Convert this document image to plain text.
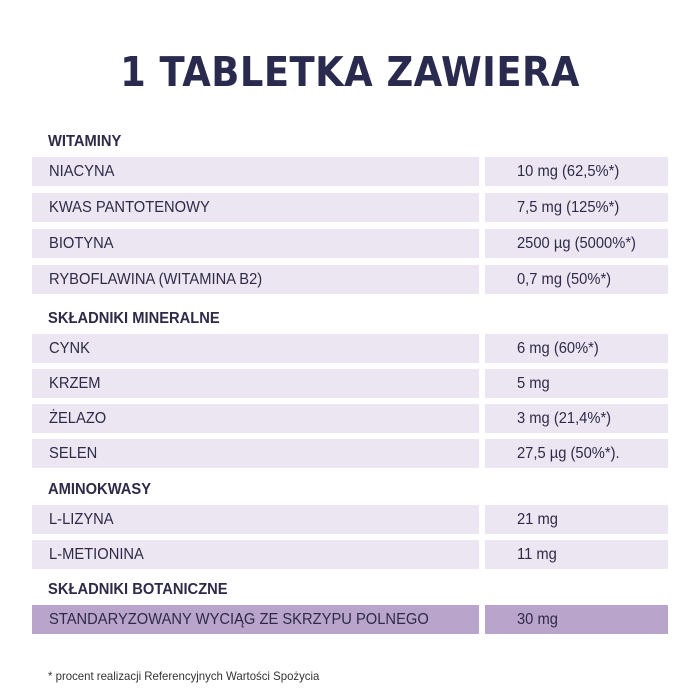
1 TABLETKA ZAWIERA
WITAMINY
NIACYNA	10 mg (62,5%*)
KWAS PANTOTENOWY	7,5 mg (125%*)
BIOTYNA	2500 µg (5000%*)
RYBOFLAWINA (WITAMINA B2)	0,7 mg (50%*)
SKŁADNIKI MINERALNE
CYNK	6 mg (60%*)
KRZEM	5 mg
ŻELAZO	3 mg (21,4%*)
SELEN	27,5 µg (50%*).
AMINOKWASY
L-LIZYNA	21 mg
L-METIONINA	11 mg
SKŁADNIKI BOTANICZNE
STANDARYZOWANY WYCIĄG ZE SKRZYPU POLNEGO	30 mg
* procent realizacji Referencyjnych Wartości Spożycia
